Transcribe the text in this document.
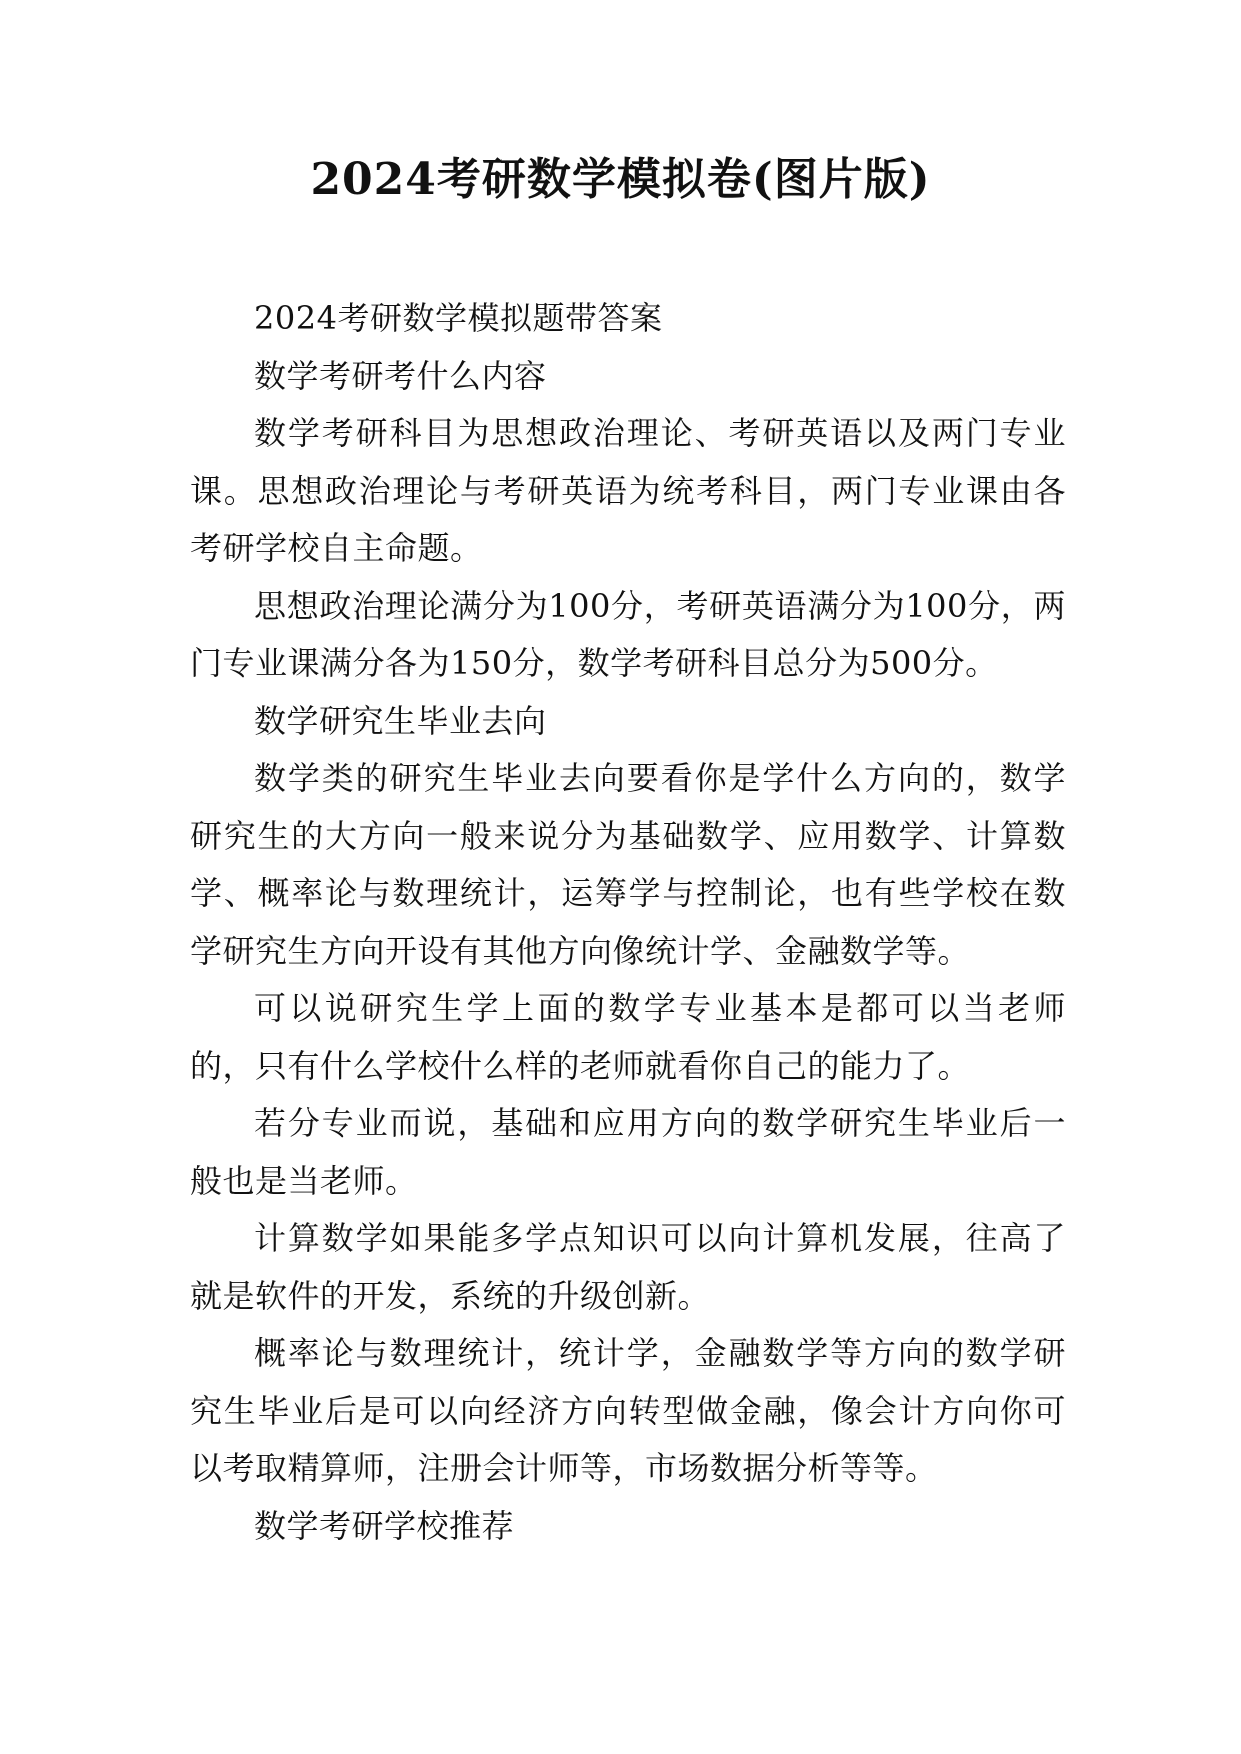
2024考研数学模拟卷(图片版)

2024考研数学模拟题带答案

数学考研考什么内容

数学考研科目为思想政治理论、考研英语以及两门专业课。思想政治理论与考研英语为统考科目，两门专业课由各考研学校自主命题。

思想政治理论满分为100分，考研英语满分为100分，两门专业课满分各为150分，数学考研科目总分为500分。

数学研究生毕业去向

数学类的研究生毕业去向要看你是学什么方向的，数学研究生的大方向一般来说分为基础数学、应用数学、计算数学、概率论与数理统计，运筹学与控制论，也有些学校在数学研究生方向开设有其他方向像统计学、金融数学等。

可以说研究生学上面的数学专业基本是都可以当老师的，只有什么学校什么样的老师就看你自己的能力了。

若分专业而说，基础和应用方向的数学研究生毕业后一般也是当老师。

计算数学如果能多学点知识可以向计算机发展，往高了就是软件的开发，系统的升级创新。

概率论与数理统计，统计学，金融数学等方向的数学研究生毕业后是可以向经济方向转型做金融，像会计方向你可以考取精算师，注册会计师等，市场数据分析等等。

数学考研学校推荐
